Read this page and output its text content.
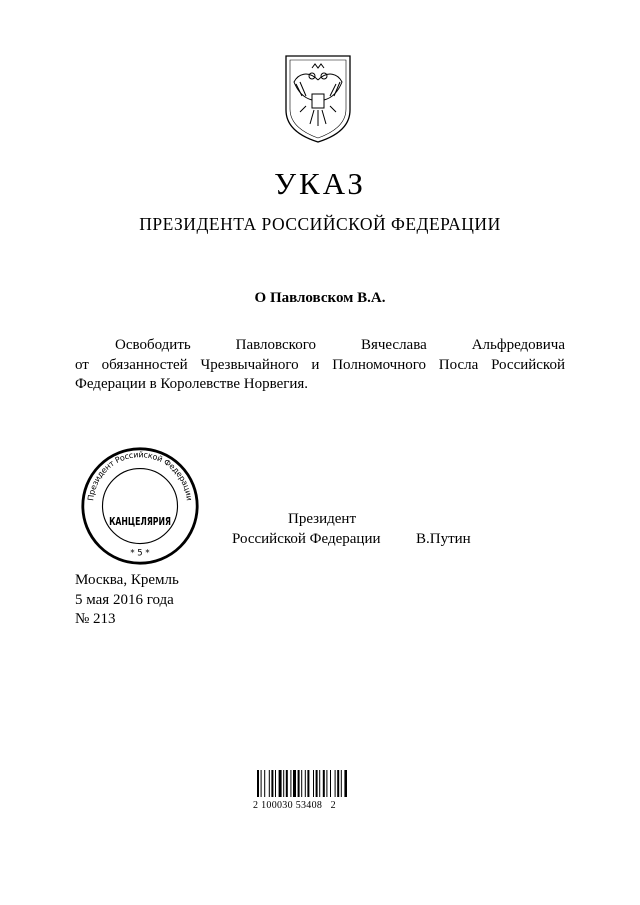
УКАЗ
ПРЕЗИДЕНТА РОССИЙСКОЙ ФЕДЕРАЦИИ
О Павловском В.А.

Освободить Павловского Вячеслава Альфредовича

от обязанностей Чрезвычайного и Полномочного Посла Российской Федерации в Королевстве Норвегия.
Президент Российской Федерации
КАНЦЕЛЯРИЯ
* 5 *
Президент
Российской Федерации В.Путин
Москва, Кремль
5 мая 2016 года
№ 213
2 100030 53408   2
